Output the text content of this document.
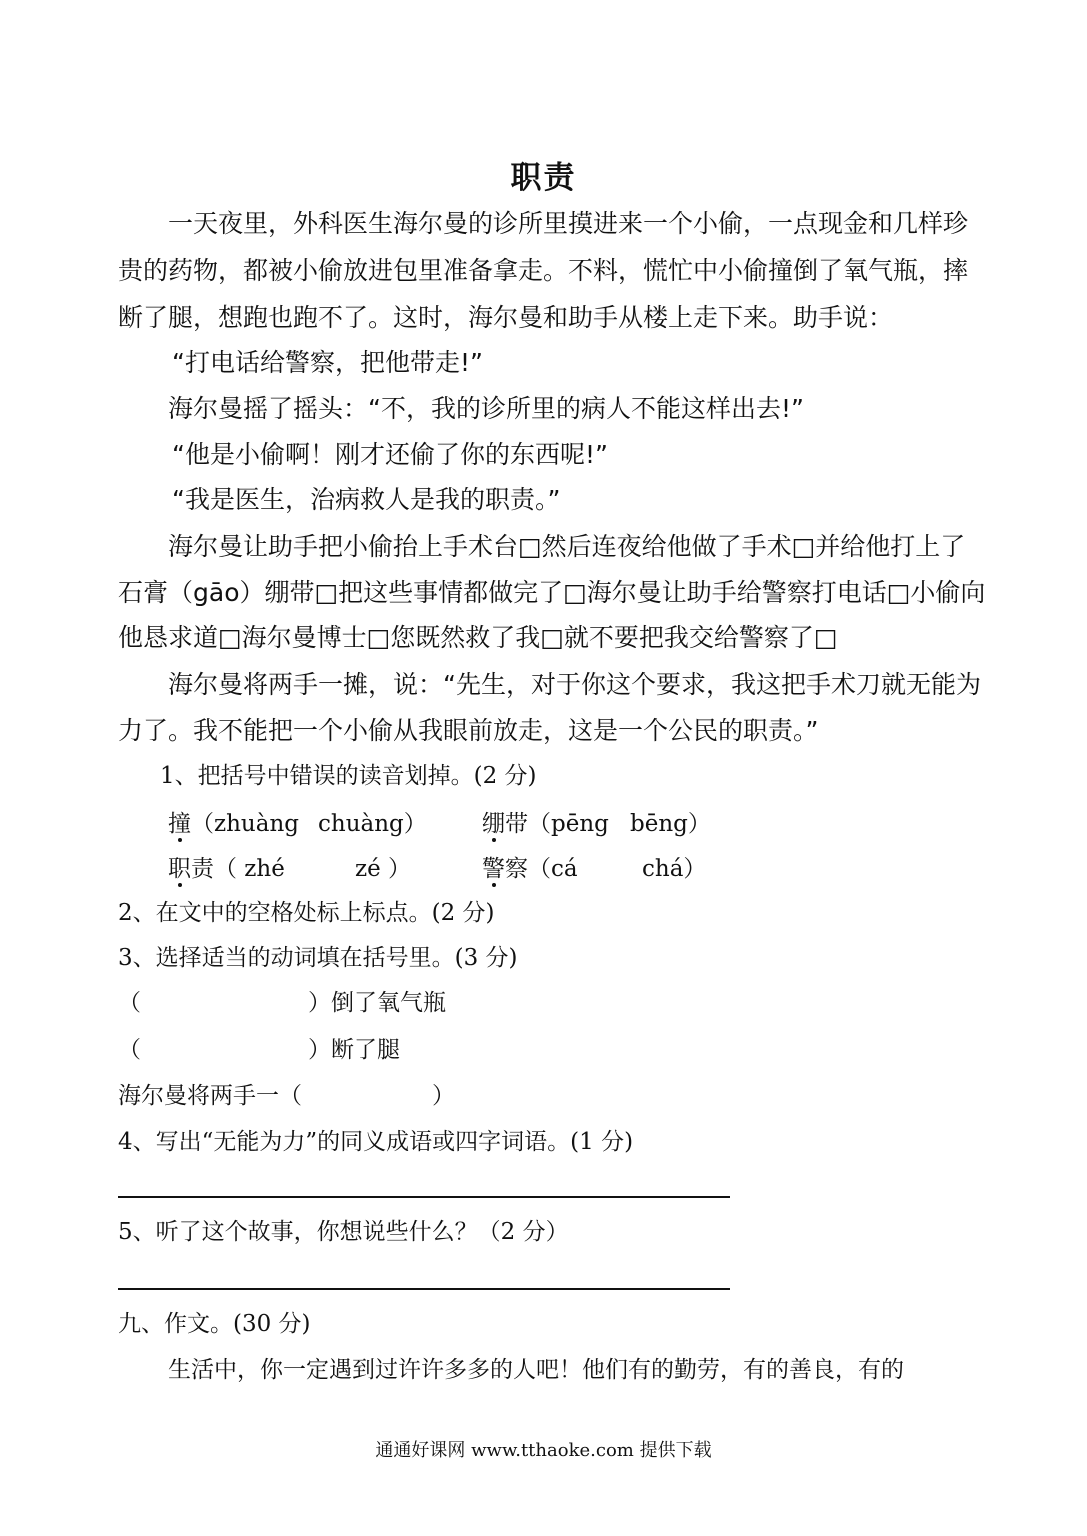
职责
一天夜里，外科医生海尔曼的诊所里摸进来一个小偷，一点现金和几样珍
贵的药物，都被小偷放进包里准备拿走。不料，慌忙中小偷撞倒了氧气瓶，摔
断了腿，想跑也跑不了。这时，海尔曼和助手从楼上走下来。助手说：
“打电话给警察，把他带走!”
海尔曼摇了摇头：“不，我的诊所里的病人不能这样出去!”
“他是小偷啊！刚才还偷了你的东西呢!”
“我是医生，治病救人是我的职责。”
海尔曼让助手把小偷抬上手术台□然后连夜给他做了手术□并给他打上了
石膏（gāo）绷带□把这些事情都做完了□海尔曼让助手给警察打电话□小偷向
他恳求道□海尔曼博士□您既然救了我□就不要把我交给警察了□
海尔曼将两手一摊，说：“先生，对于你这个要求，我这把手术刀就无能为
力了。我不能把一个小偷从我眼前放走，这是一个公民的职责。”
1、把括号中错误的读音划掉。(2 分)
撞（zhuàng chuàng） 绷带（pēng bēng）
职责（ zhé	zé ）	警察（cá	chá）
2、在文中的空格处标上标点。(2 分)
3、选择适当的动词填在括号里。(3 分)
（	）倒了氧气瓶
（	）断了腿
海尔曼将两手一（	）
4、写出“无能为力”的同义成语或四字词语。(1 分)
5、听了这个故事，你想说些什么？（2 分）
九、作文。(30 分)
生活中，你一定遇到过许许多多的人吧！他们有的勤劳，有的善良，有的
通通好课网 www.tthaoke.com 提供下载
